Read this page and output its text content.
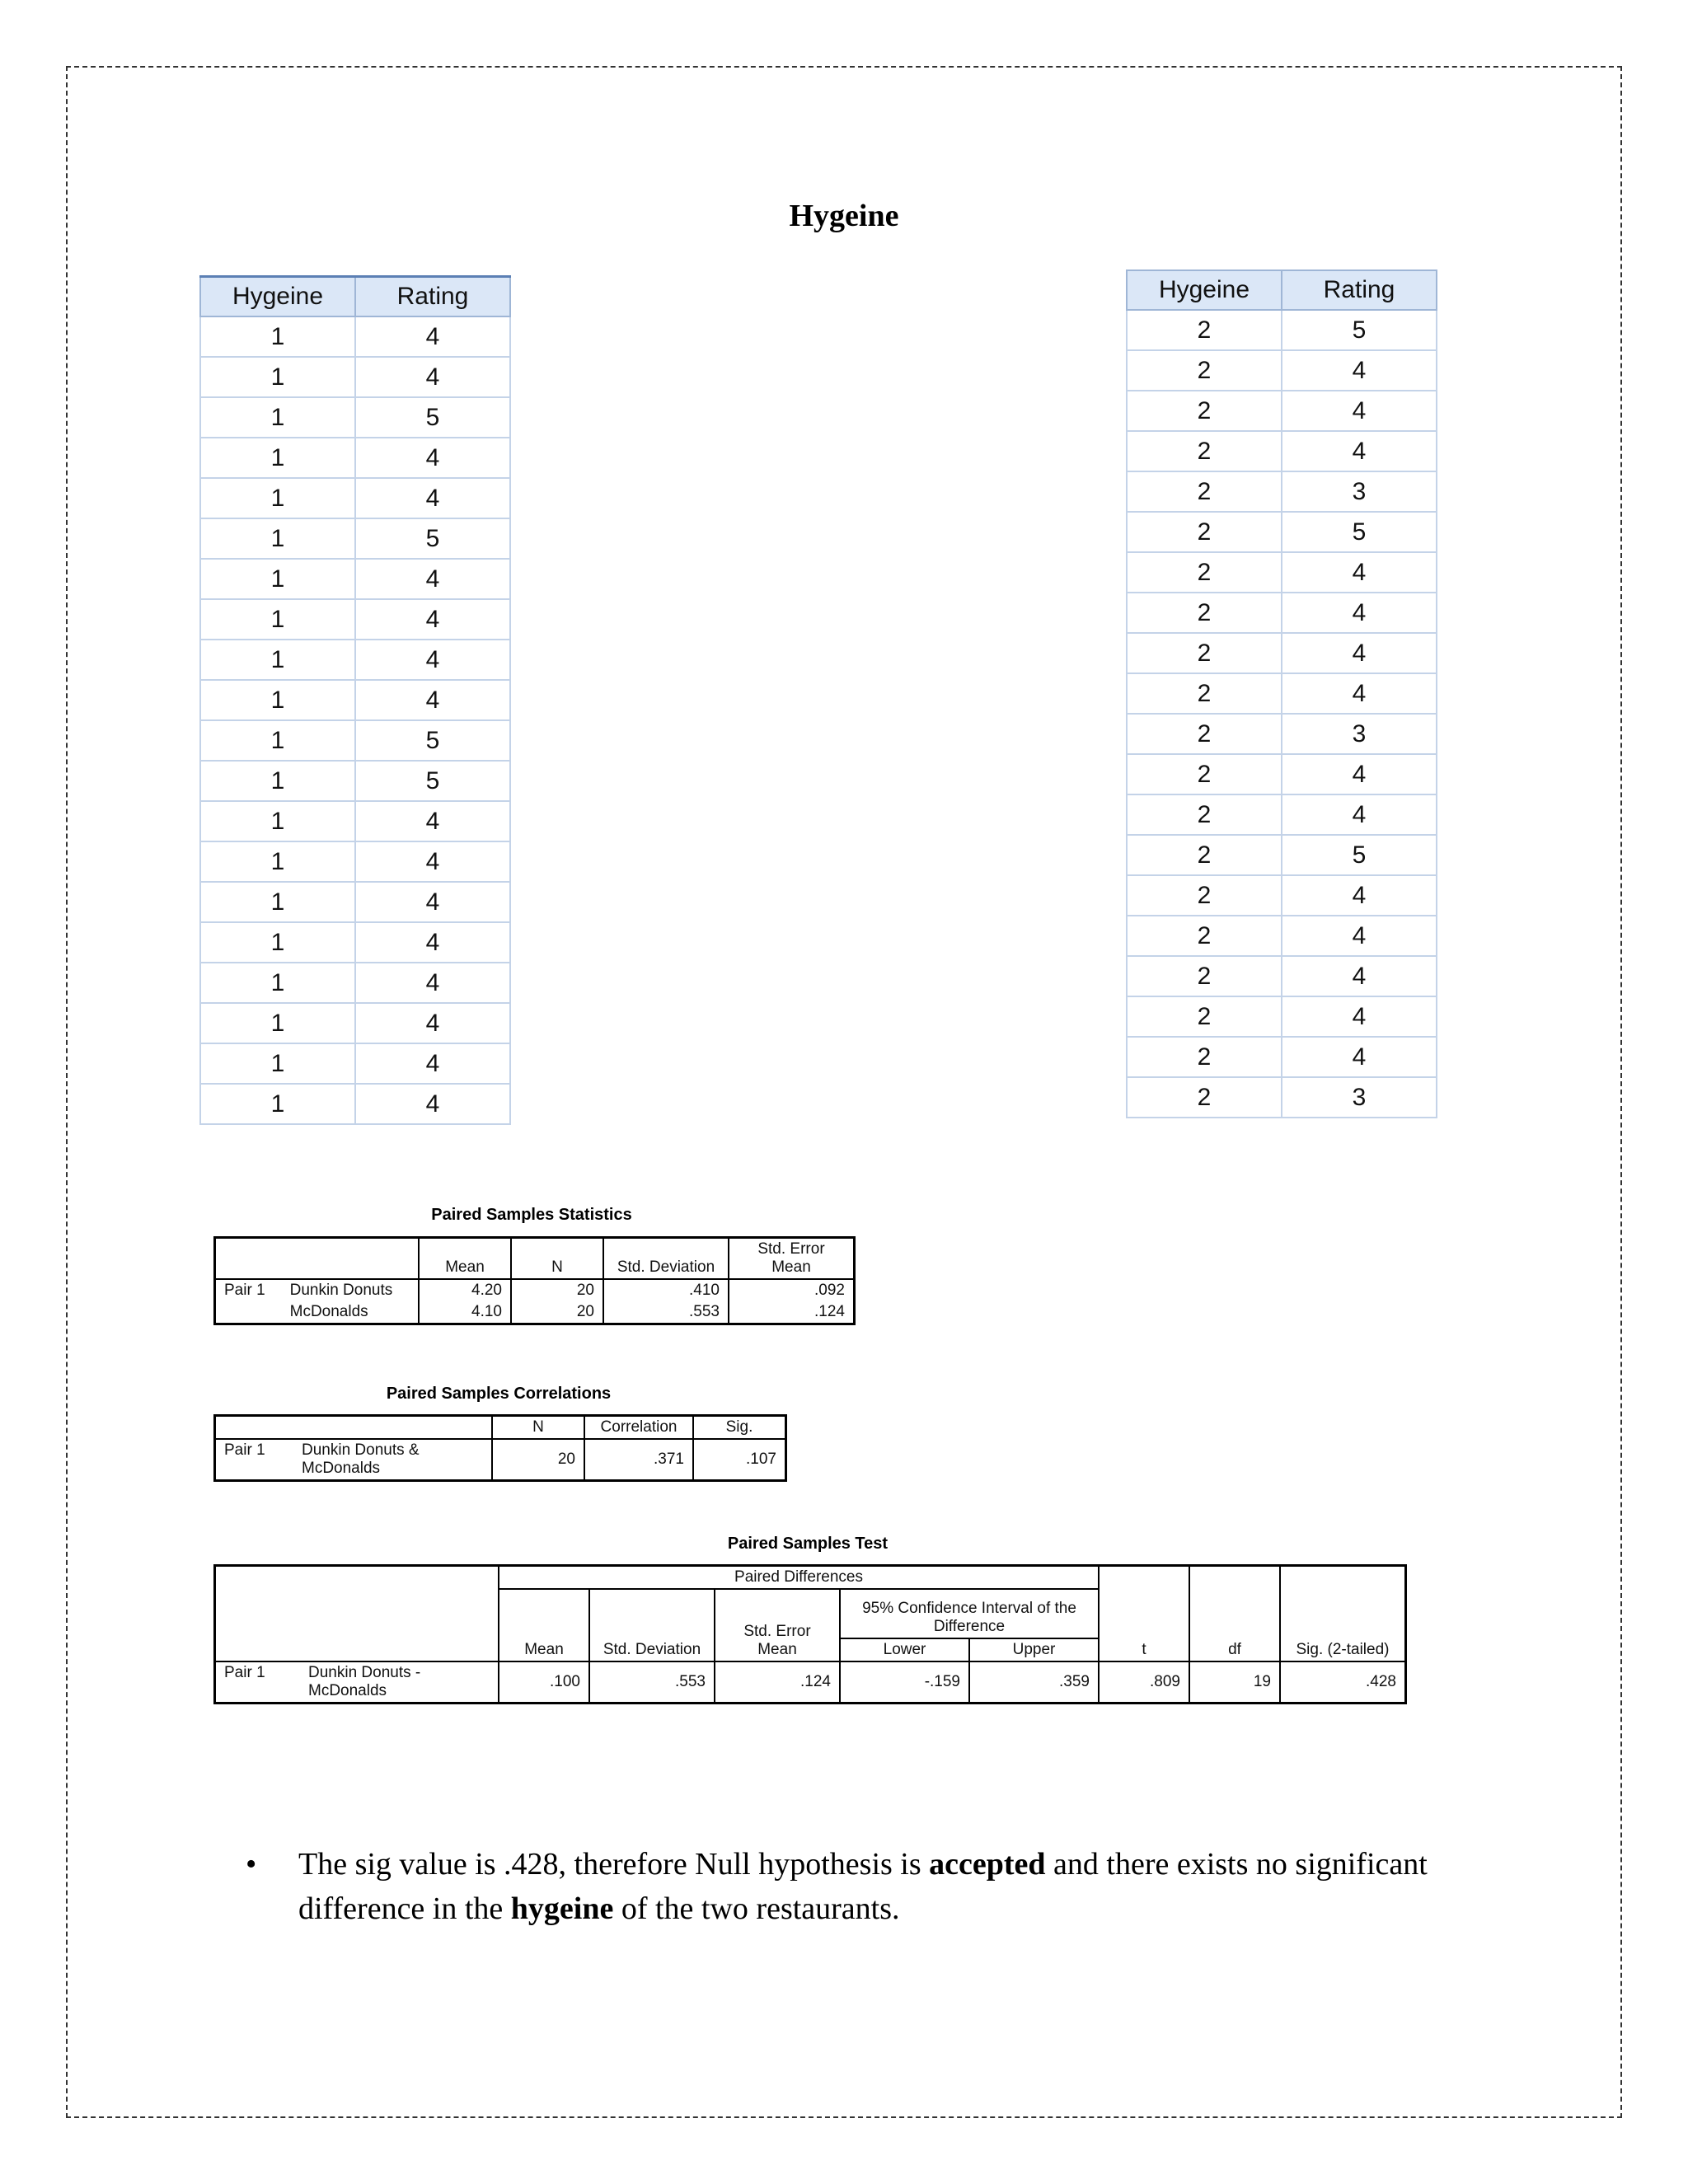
Hygeine
Hygeine	Rating
1	4
1	4
1	5
1	4
1	4
1	5
1	4
1	4
1	4
1	4
1	5
1	5
1	4
1	4
1	4
1	4
1	4
1	4
1	4
1	4
Hygeine	Rating
2	5
2	4
2	4
2	4
2	3
2	5
2	4
2	4
2	4
2	4
2	3
2	4
2	4
2	5
2	4
2	4
2	4
2	4
2	4
2	3
Paired Samples Statistics
		Mean	N	Std. Deviation	Std. Error Mean
Pair 1	Dunkin Donuts	4.20	20	.410	.092
	McDonalds	4.10	20	.553	.124
Paired Samples Correlations
		N	Correlation	Sig.
Pair 1	Dunkin Donuts & McDonalds	20	.371	.107
Paired Samples Test
		Paired Differences					t	df	Sig. (2-tailed)
		Mean	Std. Deviation	Std. Error Mean	95% Confidence Interval of the Difference				
					Lower	Upper			
Pair 1	Dunkin Donuts - McDonalds	.100	.553	.124	-.159	.359	.809	19	.428
• The sig value is .428, therefore Null hypothesis is accepted and there exists no significant difference in the hygeine of the two restaurants.
